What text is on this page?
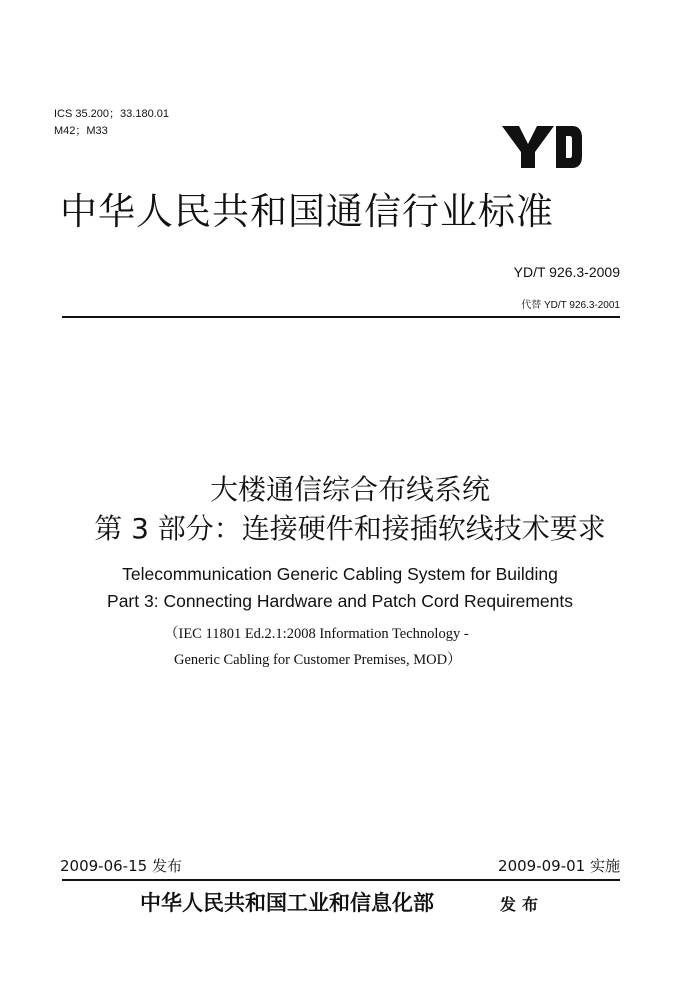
ICS 35.200；33.180.01
M42；M33
中华人民共和国通信行业标准
YD/T 926.3-2009
代替 YD/T 926.3-2001
大楼通信综合布线系统
第 3 部分：连接硬件和接插软线技术要求
Telecommunication Generic Cabling System for Building
Part 3: Connecting Hardware and Patch Cord Requirements
（IEC 11801 Ed.2.1:2008 Information Technology -
Generic Cabling for Customer Premises, MOD）
2009-06-15 发布	2009-09-01 实施
中华人民共和国工业和信息化部	发布
